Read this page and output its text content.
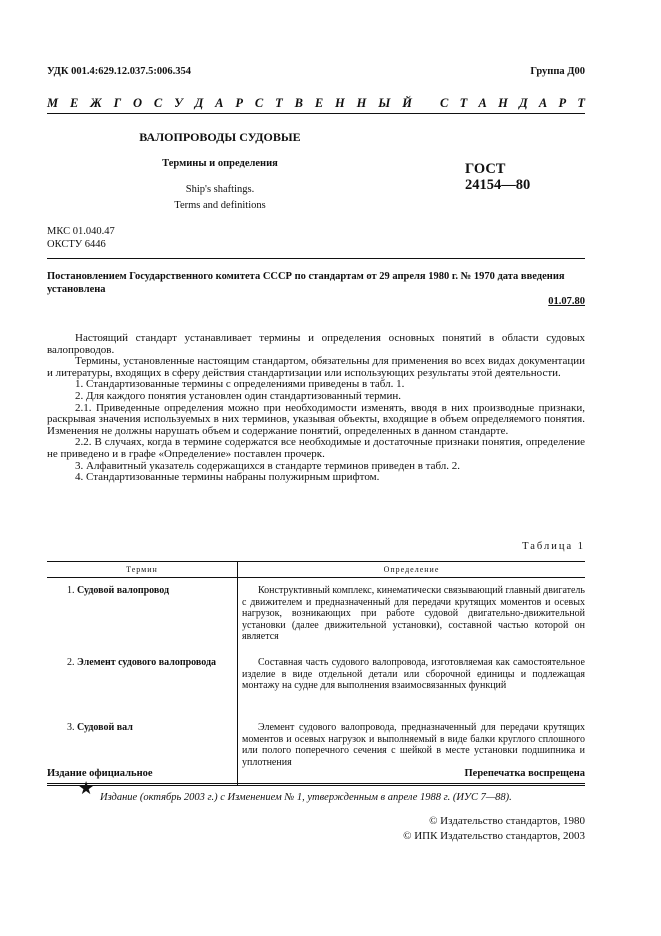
УДК 001.4:629.12.037.5:006.354	Группа Д00
М Е Ж Г О С У Д А Р С Т В Е Н Н Ы Й С Т А Н Д А Р Т
ВАЛОПРОВОДЫ СУДОВЫЕ
Термины и определения
Ship's shaftings.
Terms and definitions
ГОСТ
24154—80
МКС 01.040.47
ОКСТУ 6446
Постановлением Государственного комитета СССР по стандартам от 29 апреля 1980 г. № 1970 дата введения установлена
01.07.80

Настоящий стандарт устанавливает термины и определения основных понятий в области судовых валопроводов.

Термины, установленные настоящим стандартом, обязательны для применения во всех видах документации и литературы, входящих в сферу действия стандартизации или использующих результаты этой деятельности.

1. Стандартизованные термины с определениями приведены в табл. 1.

2. Для каждого понятия установлен один стандартизованный термин.

2.1. Приведенные определения можно при необходимости изменять, вводя в них производные признаки, раскрывая значения используемых в них терминов, указывая объекты, входящие в объем определяемого понятия. Изменения не должны нарушать объем и содержание понятий, определенных в данном стандарте.

2.2. В случаях, когда в термине содержатся все необходимые и достаточные признаки понятия, определение не приведено и в графе «Определение» поставлен прочерк.

3. Алфавитный указатель содержащихся в стандарте терминов приведен в табл. 2.

4. Стандартизованные термины набраны полужирным шрифтом.

Таблица 1
Термин	Определение
1. Судовой валопровод	Конструктивный комплекс, кинематически связывающий главный двигатель с движителем и предназначенный для передачи крутящих моментов и осевых нагрузок, возникающих при работе судовой двигательно-движительной установки (далее движительной установки), составной частью которой он является

2. Элемент судового валопровода	Составная часть судового валопровода, изготовляемая как самостоятельное изделие в виде отдельной детали или сборочной единицы и подлежащая монтажу на судне для выполнения взаимосвязанных функций

3. Судовой вал	Элемент судового валопровода, предназначенный для передачи крутящих моментов и осевых нагрузок и выполняемый в виде балки круглого сплошного или полого поперечного сечения с шейкой в месте установки подшипника и уплотнения

Издание официальное	Перепечатка воспрещена
★ Издание (октябрь 2003 г.) с Изменением № 1, утвержденным в апреле 1988 г. (ИУС 7—88).
© Издательство стандартов, 1980
© ИПК Издательство стандартов, 2003
